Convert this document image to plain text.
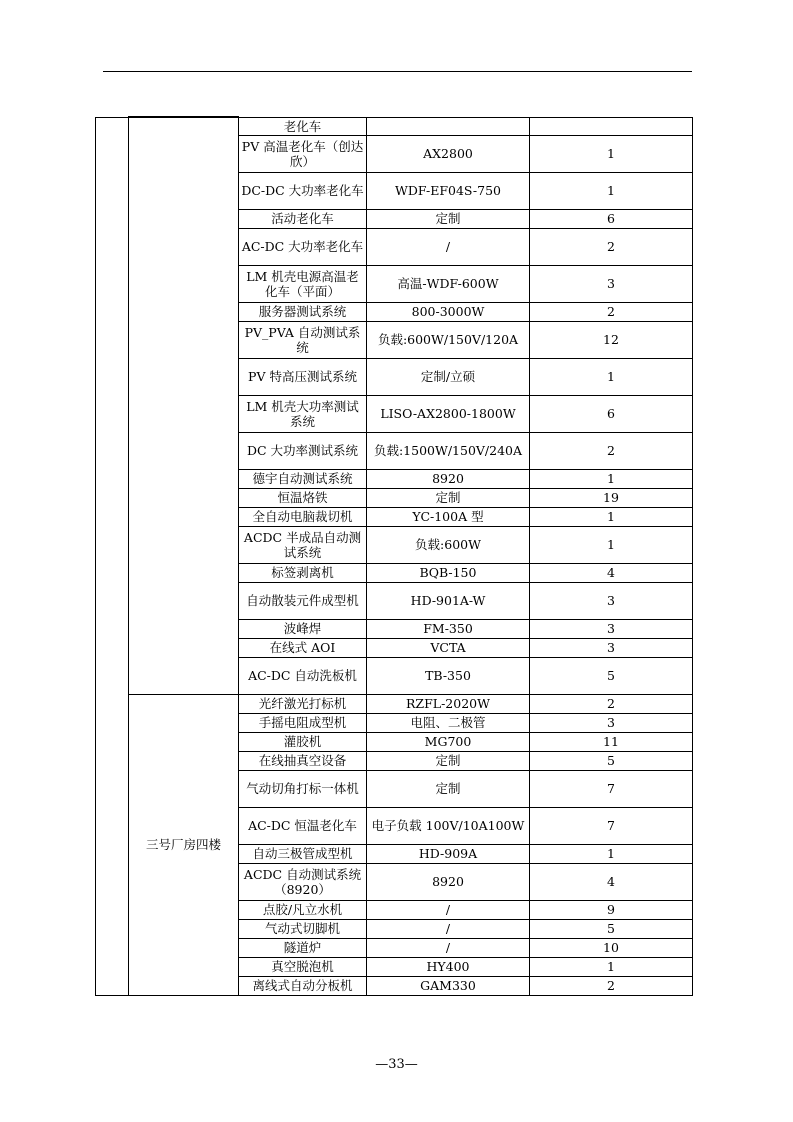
		老化车		
		PV 高温老化车（创达欣）	AX2800	1
		DC-DC 大功率老化车	WDF-EF04S-750	1
		活动老化车	定制	6
		AC-DC 大功率老化车	/	2
		LM 机壳电源高温老化车（平面）	高温-WDF-600W	3
		服务器测试系统	800-3000W	2
		PV_PVA 自动测试系统	负载:600W/150V/120A	12
		PV 特高压测试系统	定制/立硕	1
		LM 机壳大功率测试系统	LISO-AX2800-1800W	6
		DC 大功率测试系统	负载:1500W/150V/240A	2
		德宇自动测试系统	8920	1
		恒温烙铁	定制	19
		全自动电脑裁切机	YC-100A 型	1
		ACDC 半成品自动测试系统	负载:600W	1
		标签剥离机	BQB-150	4
		自动散装元件成型机	HD-901A-W	3
		波峰焊	FM-350	3
		在线式 AOI	VCTA	3
		AC-DC 自动洗板机	TB-350	5
	三号厂房四楼	光纤激光打标机	RZFL-2020W	2
		手摇电阻成型机	电阻、二极管	3
		灌胶机	MG700	11
		在线抽真空设备	定制	5
		气动切角打标一体机	定制	7
		AC-DC 恒温老化车	电子负载 100V/10A100W	7
		自动三极管成型机	HD-909A	1
		ACDC 自动测试系统（8920）	8920	4
		点胶/凡立水机	/	9
		气动式切脚机	/	5
		隧道炉	/	10
		真空脱泡机	HY400	1
		离线式自动分板机	GAM330	2
—33—
